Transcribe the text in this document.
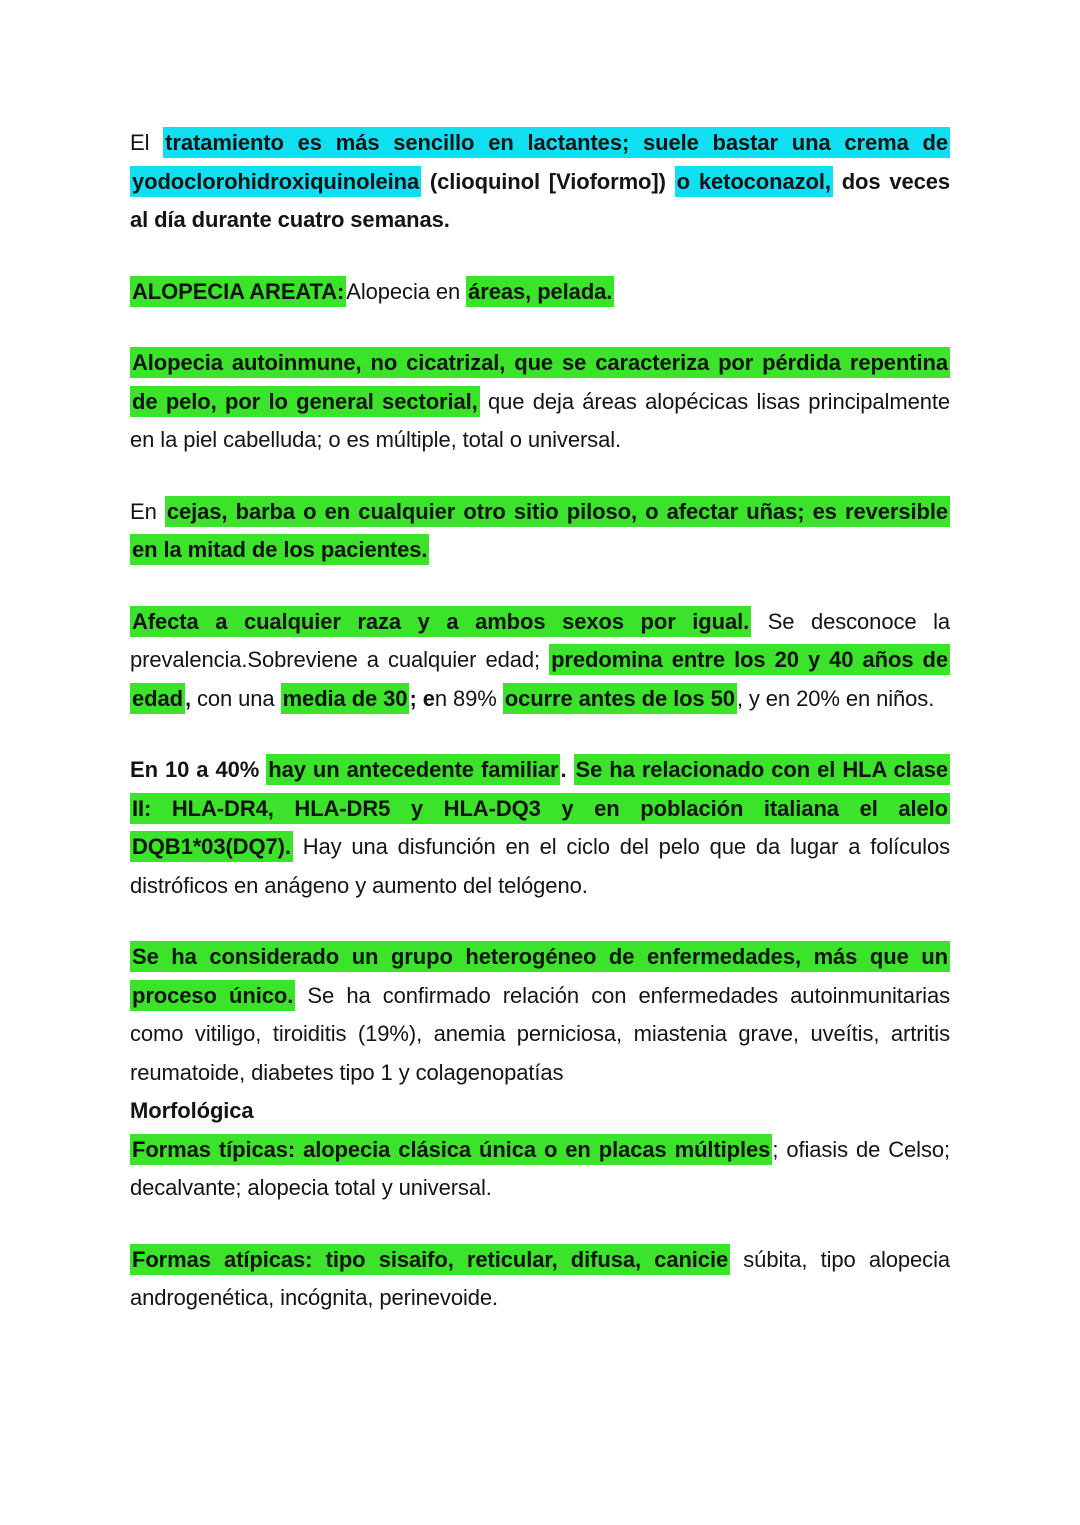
El tratamiento es más sencillo en lactantes; suele bastar una crema de yodoclorohidroxiquinoleina (clioquinol [Vioformo]) o ketoconazol, dos veces al día durante cuatro semanas.

ALOPECIA AREATA:Alopecia en áreas, pelada.

Alopecia autoinmune, no cicatrizal, que se caracteriza por pérdida repentina de pelo, por lo general sectorial, que deja áreas alopécicas lisas principalmente en la piel cabelluda; o es múltiple, total o universal.

En cejas, barba o en cualquier otro sitio piloso, o afectar uñas; es reversible en la mitad de los pacientes.

Afecta a cualquier raza y a ambos sexos por igual. Se desconoce la prevalencia.Sobreviene a cualquier edad; predomina entre los 20 y 40 años de edad, con una media de 30; en 89% ocurre antes de los 50, y en 20% en niños.

En 10 a 40% hay un antecedente familiar. Se ha relacionado con el HLA clase II: HLA-DR4, HLA-DR5 y HLA-DQ3 y en población italiana el alelo DQB1*03(DQ7). Hay una disfunción en el ciclo del pelo que da lugar a folículos distróficos en anágeno y aumento del telógeno.

Se ha considerado un grupo heterogéneo de enfermedades, más que un proceso único. Se ha confirmado relación con enfermedades autoinmunitarias como vitiligo, tiroiditis (19%), anemia perniciosa, miastenia grave, uveítis, artritis reumatoide, diabetes tipo 1 y colagenopatías

Morfológica

Formas típicas: alopecia clásica única o en placas múltiples; ofiasis de Celso; decalvante; alopecia total y universal.

Formas atípicas: tipo sisaifo, reticular, difusa, canicie súbita, tipo alopecia androgenética, incógnita, perinevoide.
